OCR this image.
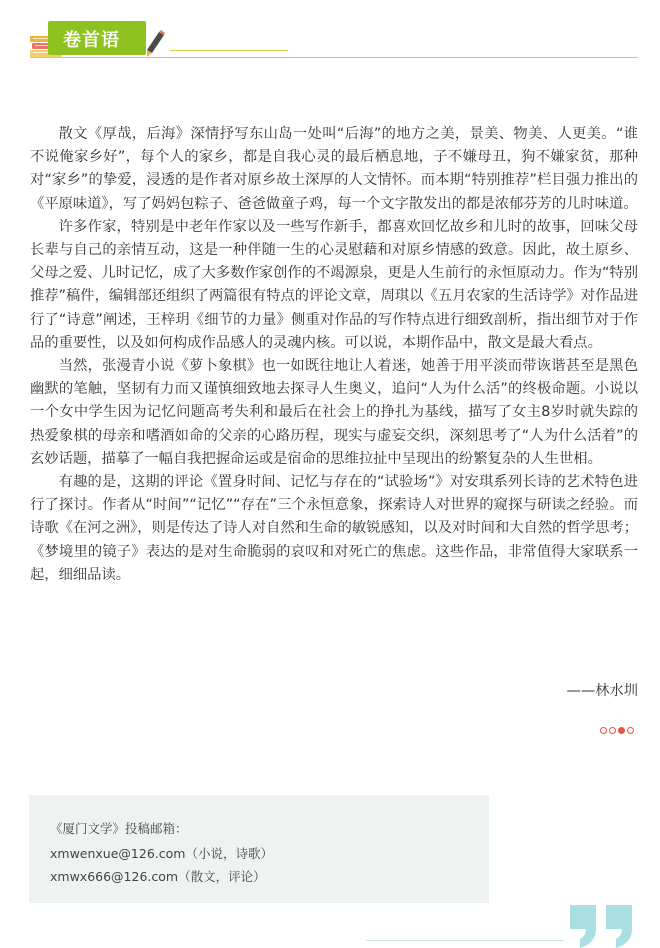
卷首语

散文《厚哉，后海》深情抒写东山岛一处叫“后海”的地方之美，景美、物美、人更美。“谁不说俺家乡好”，每个人的家乡，都是自我心灵的最后栖息地，子不嫌母丑，狗不嫌家贫，那种对“家乡”的挚爱，浸透的是作者对原乡故土深厚的人文情怀。而本期“特别推荐”栏目强力推出的《平原味道》，写了妈妈包粽子、爸爸做童子鸡，每一个文字散发出的都是浓郁芬芳的儿时味道。

许多作家，特别是中老年作家以及一些写作新手，都喜欢回忆故乡和儿时的故事，回味父母长辈与自己的亲情互动，这是一种伴随一生的心灵慰藉和对原乡情感的致意。因此，故土原乡、父母之爱、儿时记忆，成了大多数作家创作的不竭源泉，更是人生前行的永恒原动力。作为“特别推荐”稿件，编辑部还组织了两篇很有特点的评论文章，周琪以《五月农家的生活诗学》对作品进行了“诗意”阐述，王梓玥《细节的力量》侧重对作品的写作特点进行细致剖析，指出细节对于作品的重要性，以及如何构成作品感人的灵魂内核。可以说，本期作品中，散文是最大看点。

当然，张漫青小说《萝卜象棋》也一如既往地让人着迷，她善于用平淡而带诙谐甚至是黑色幽默的笔触，坚韧有力而又谨慎细致地去探寻人生奥义，追问“人为什么活”的终极命题。小说以一个女中学生因为记忆问题高考失利和最后在社会上的挣扎为基线，描写了女主8岁时就失踪的热爱象棋的母亲和嗜酒如命的父亲的心路历程，现实与虚妄交织，深刻思考了“人为什么活着”的玄妙话题，描摹了一幅自我把握命运或是宿命的思维拉扯中呈现出的纷繁复杂的人生世相。

有趣的是，这期的评论《置身时间、记忆与存在的“试验场”》对安琪系列长诗的艺术特色进行了探讨。作者从“时间”“记忆”“存在”三个永恒意象，探索诗人对世界的窥探与研读之经验。而诗歌《在河之洲》，则是传达了诗人对自然和生命的敏锐感知，以及对时间和大自然的哲学思考；《梦境里的镜子》表达的是对生命脆弱的哀叹和对死亡的焦虑。这些作品，非常值得大家联系一起，细细品读。

——林水圳
《厦门文学》投稿邮箱：
xmwenxue@126.com（小说，诗歌）
xmwx666@126.com（散文，评论）
